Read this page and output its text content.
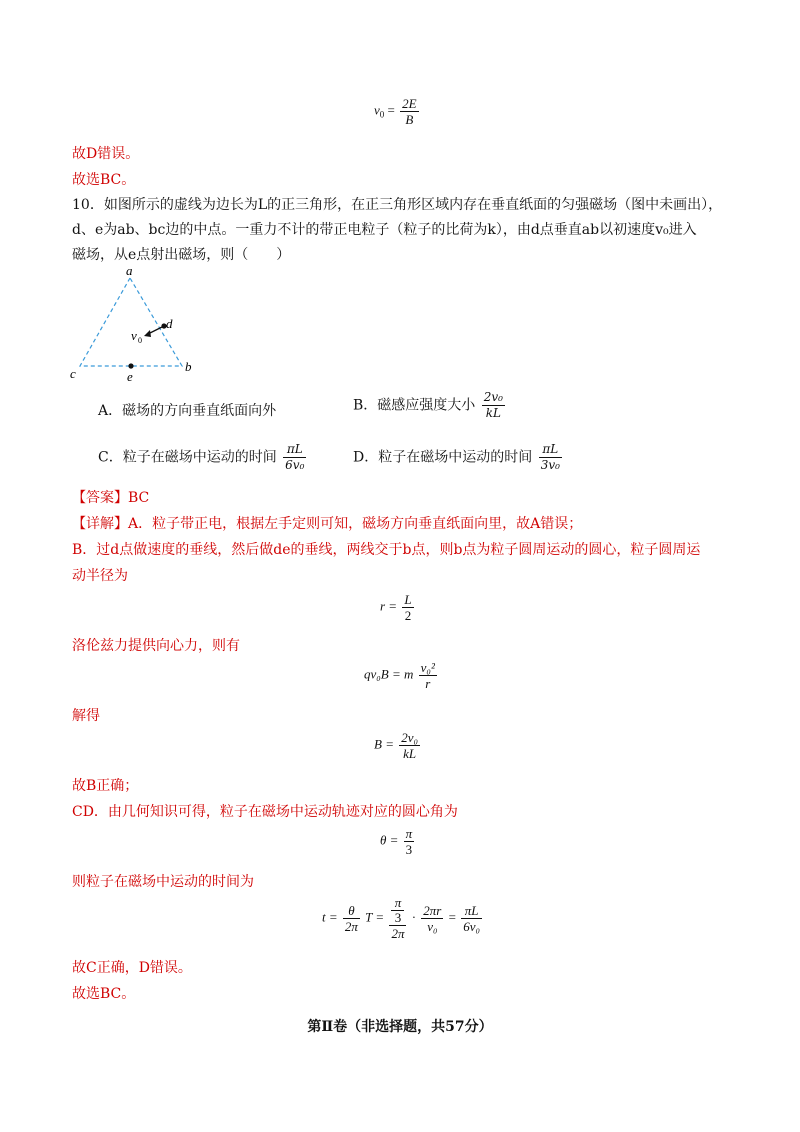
$v_0 = \frac{2E}{B}$
故D错误。
故选BC。
10．如图所示的虚线为边长为L的正三角形，在正三角形区域内存在垂直纸面的匀强磁场（图中未画出），
d、e为ab、bc边的中点。一重力不计的带正电粒子（粒子的比荷为k），由d点垂直ab以初速度v₀进入
磁场，从e点射出磁场，则（　　）
a
b
c
d
e
v 0
A．磁场的方向垂直纸面向外	B．磁感应强度大小 $\frac{\text{2v₀}}{kL}$
C．粒子在磁场中运动的时间 $\frac{\pi L}{\text{6v₀}}$	D．粒子在磁场中运动的时间 $\frac{\pi L}{\text{3v₀}}$
【答案】BC
【详解】A．粒子带正电，根据左手定则可知，磁场方向垂直纸面向里，故A错误；
B．过d点做速度的垂线，然后做de的垂线，两线交于b点，则b点为粒子圆周运动的圆心，粒子圆周运
动半径为
$r = \frac{L}{2}$
洛伦兹力提供向心力，则有
qv₀B = m $\frac{\text{v₀²}}{r}$
解得
$B = \frac{\text{2v₀}}{kL}$
故B正确；
CD．由几何知识可得，粒子在磁场中运动轨迹对应的圆心角为
$\theta = \frac{\pi}{3}$
则粒子在磁场中运动的时间为
$t = \frac{\theta}{2\pi}$ T = π
3
$2\pi \cdot \frac{2\pi r}{\text{v₀}} = \frac{\pi L}{\text{6v₀}}$
故C正确，D错误。
故选BC。
第Ⅱ卷（非选择题，共57分）
